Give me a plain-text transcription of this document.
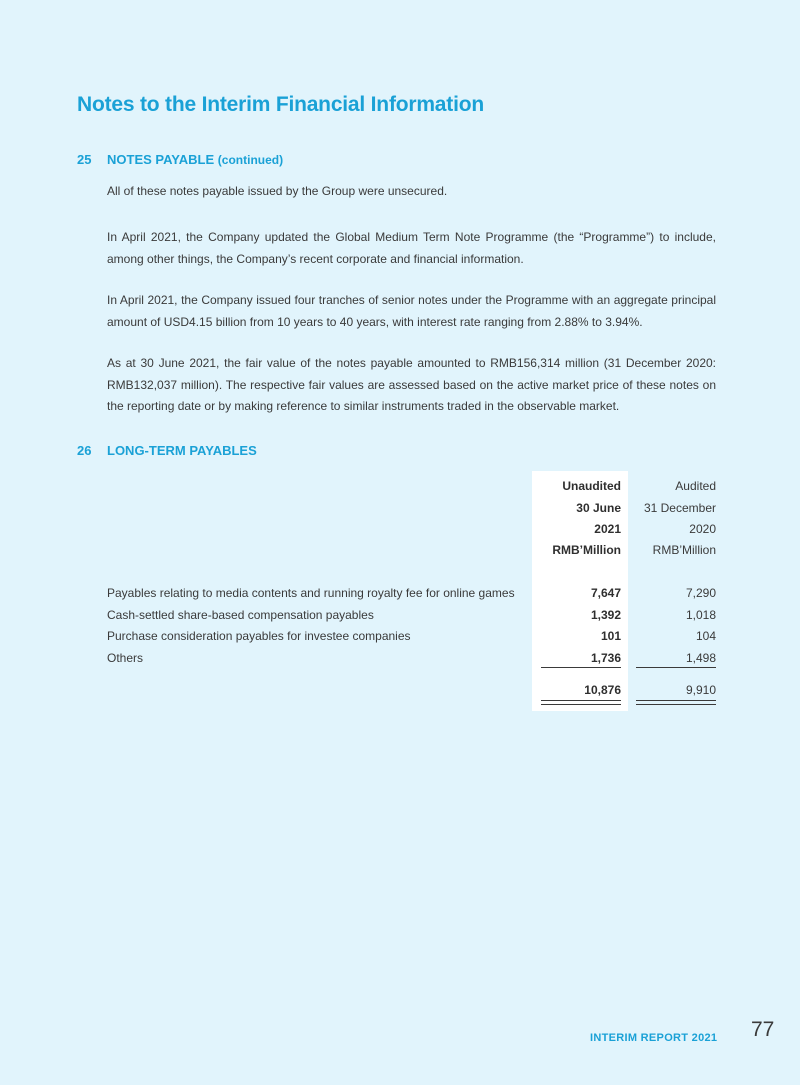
Notes to the Interim Financial Information
25 NOTES PAYABLE (continued)
All of these notes payable issued by the Group were unsecured.
In April 2021, the Company updated the Global Medium Term Note Programme (the “Programme”) to include, among other things, the Company’s recent corporate and financial information.
In April 2021, the Company issued four tranches of senior notes under the Programme with an aggregate principal amount of USD4.15 billion from 10 years to 40 years, with interest rate ranging from 2.88% to 3.94%.
As at 30 June 2021, the fair value of the notes payable amounted to RMB156,314 million (31 December 2020: RMB132,037 million). The respective fair values are assessed based on the active market price of these notes on the reporting date or by making reference to similar instruments traded in the observable market.
26 LONG-TERM PAYABLES
Unaudited
30 June
2021
RMB’Million
Audited
31 December
2020
RMB’Million
Payables relating to media contents and running royalty fee for online games	7,647	7,290
Cash-settled share-based compensation payables	1,392	1,018
Purchase consideration payables for investee companies	101	104
Others	1,736	1,498
10,876	9,910
INTERIM REPORT 2021 77
